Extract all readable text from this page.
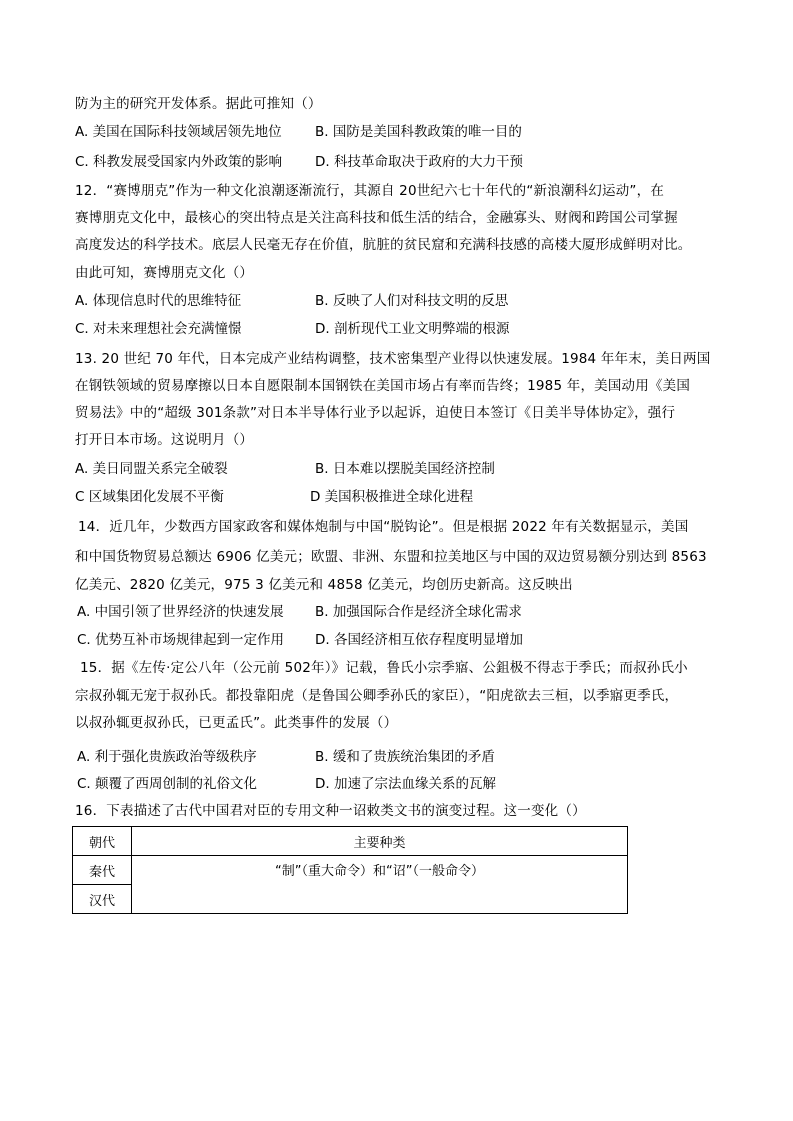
防为主的研究开发体系。据此可推知（）
A. 美国在国际科技领域居领先地位 B. 国防是美国科教政策的唯一目的
C. 科教发展受国家内外政策的影响 D. 科技革命取决于政府的大力干预
12．“赛博朋克”作为一种文化浪潮逐渐流行，其源自 20世纪六七十年代的“新浪潮科幻运动”，在
赛博朋克文化中，最核心的突出特点是关注高科技和低生活的结合，金融寡头、财阀和跨国公司掌握
高度发达的科学技术。底层人民毫无存在价值，肮脏的贫民窟和充满科技感的高楼大厦形成鲜明对比。
由此可知，赛博朋克文化（）
A. 体现信息时代的思维特征	B. 反映了人们对科技文明的反思
C. 对未来理想社会充满憧憬	D. 剖析现代工业文明弊端的根源
13. 20 世纪 70 年代，日本完成产业结构调整，技术密集型产业得以快速发展。1984 年年末，美日两国
在钢铁领域的贸易摩擦以日本自愿限制本国钢铁在美国市场占有率而告终；1985 年，美国动用《美国
贸易法》中的“超级 301条款”对日本半导体行业予以起诉，迫使日本签订《日美半导体协定》，强行
打开日本市场。这说明月（）
A. 美日同盟关系完全破裂	B. 日本难以摆脱美国经济控制
C 区域集团化发展不平衡	D 美国积极推进全球化进程
14．近几年，少数西方国家政客和媒体炮制与中国“脱钩论”。但是根据 2022 年有关数据显示，美国
和中国货物贸易总额达 6906 亿美元；欧盟、非洲、东盟和拉美地区与中国的双边贸易额分别达到 8563
亿美元、2820 亿美元，975 3 亿美元和 4858 亿美元，均创历史新高。这反映出
A. 中国引领了世界经济的快速发展 B. 加强国际合作是经济全球化需求
C. 优势互补市场规律起到一定作用 D. 各国经济相互依存程度明显增加
15．据《左传·定公八年（公元前 502年）》记载，鲁氏小宗季寤、公鉏极不得志于季氏；而叔孙氏小
宗叔孙辄无宠于叔孙氏。都投靠阳虎（是鲁国公卿季孙氏的家臣），“阳虎欲去三桓，以季寤更季氏，
以叔孙辄更叔孙氏，已更孟氏”。此类事件的发展（）
A. 利于强化贵族政治等级秩序	B. 缓和了贵族统治集团的矛盾
C. 颠覆了西周创制的礼俗文化	D. 加速了宗法血缘关系的瓦解
16．下表描述了古代中国君对臣的专用文种一诏敕类文书的演变过程。这一变化（）
朝代	主要种类
秦代	“制”（重大命令）和“诏”（一般命令）
汉代	
